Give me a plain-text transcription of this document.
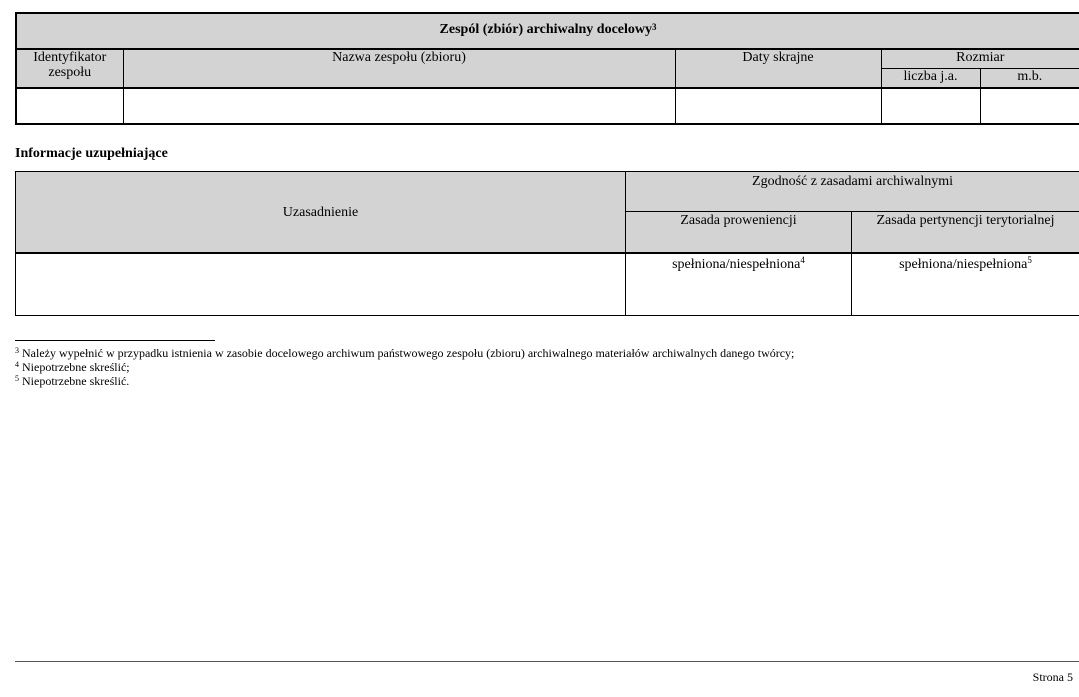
Zespól (zbiór) archiwalny docelowy$^3$
Identyfikator zespołu	Nazwa zespołu (zbioru)	Daty skrajne	Rozmiar	
			liczba j.a.	m.b.

Informacje uzupełniające
Uzasadnienie	Zgodność z zasadami archiwalnymi	
	Zasada proweniencji	Zasada pertynencji terytorialnej
	spełniona/niespełniona$^4$	spełniona/niespełniona$^5$
$^3$ Należy wypełnić w przypadku istnienia w zasobie docelowego archiwum państwowego zespołu (zbioru) archiwalnego materiałów archiwalnych danego twórcy;
$^4$ Niepotrzebne skreślić;
$^5$ Niepotrzebne skreślić.
Strona 5
